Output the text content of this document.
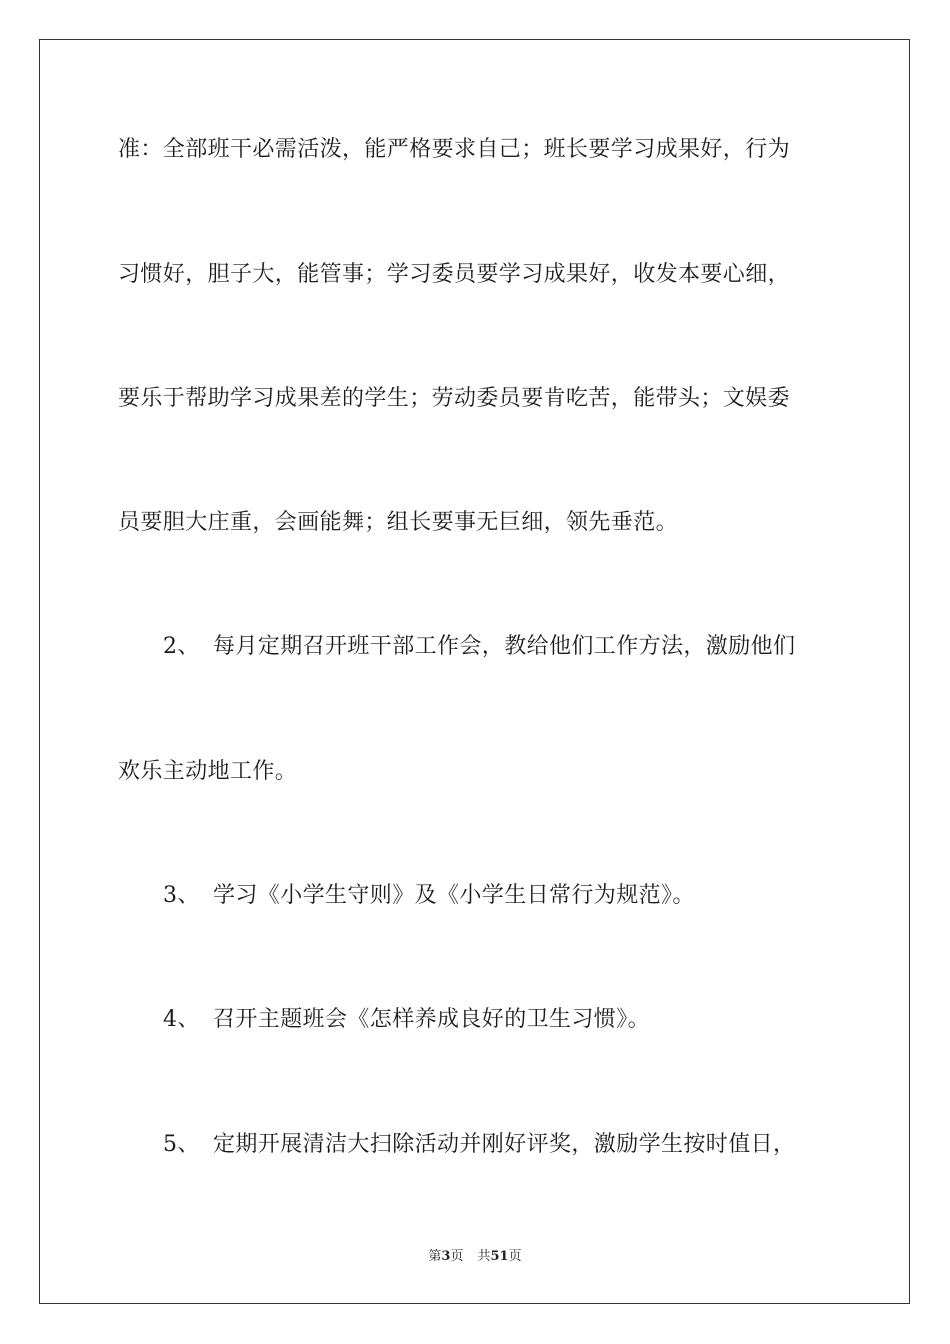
准：全部班干必需活泼，能严格要求自己；班长要学习成果好，行为
习惯好，胆子大，能管事；学习委员要学习成果好，收发本要心细，
要乐于帮助学习成果差的学生；劳动委员要肯吃苦，能带头；文娱委
员要胆大庄重，会画能舞；组长要事无巨细，领先垂范。
2、 每月定期召开班干部工作会，教给他们工作方法，激励他们
欢乐主动地工作。
3、 学习《小学生守则》及《小学生日常行为规范》。
4、 召开主题班会《怎样养成良好的卫生习惯》。
5、 定期开展清洁大扫除活动并刚好评奖，激励学生按时值日，
第3页 共51页
